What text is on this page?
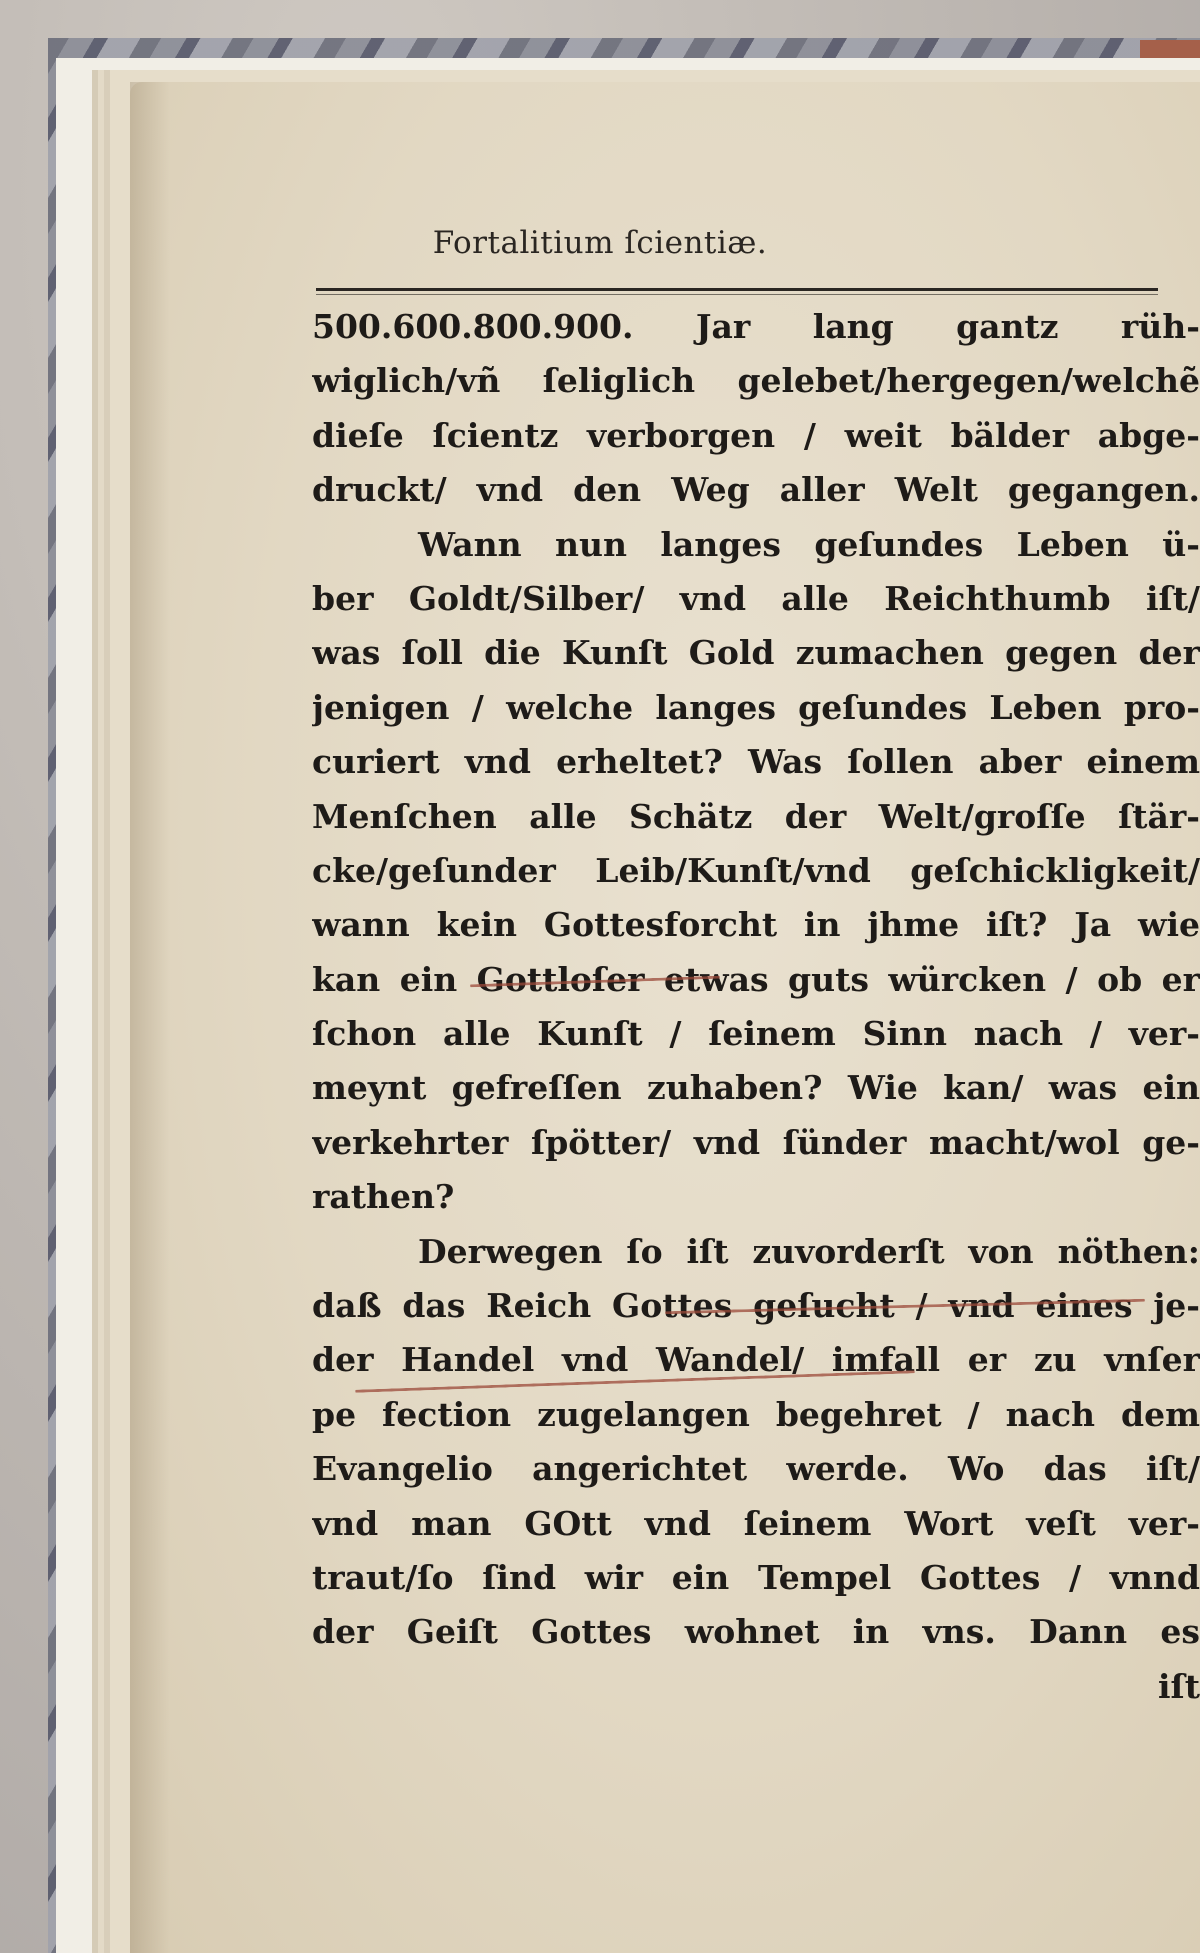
Fortalitium ſcientiæ.
500.600.800.900. Jar lang gantz rüh-
wiglich/vñ ſeliglich gelebet/hergegen/welchẽ
dieſe ſcientz verborgen / weit bälder abge-
druckt/ vnd den Weg aller Welt gegangen.
Wann nun langes geſundes Leben ü-
ber Goldt/Silber/ vnd alle Reichthumb iſt/
was ſoll die Kunſt Gold zumachen gegen der
jenigen / welche langes geſundes Leben pro-
curiert vnd erheltet? Was ſollen aber einem
Menſchen alle Schätz der Welt/groſſe ſtär-
cke/geſunder Leib/Kunſt/vnd geſchickligkeit/
wann kein Gottesforcht in jhme iſt? Ja wie
kan ein Gottloſer etwas guts würcken / ob er
ſchon alle Kunſt / ſeinem Sinn nach / ver-
meynt gefreſſen zuhaben? Wie kan/ was ein
verkehrter ſpötter/ vnd ſünder macht/wol ge-
rathen?
Derwegen ſo iſt zuvorderſt von nöthen:
daß das Reich Gottes geſucht / vnd eines je-
der Handel vnd Wandel/ imfall er zu vnſer
pe fection zugelangen begehret / nach dem
Evangelio angerichtet werde. Wo das iſt/
vnd man GOtt vnd ſeinem Wort veſt ver-
traut/ſo ſind wir ein Tempel Gottes / vnnd
der Geiſt Gottes wohnet in vns. Dann es
iſt
